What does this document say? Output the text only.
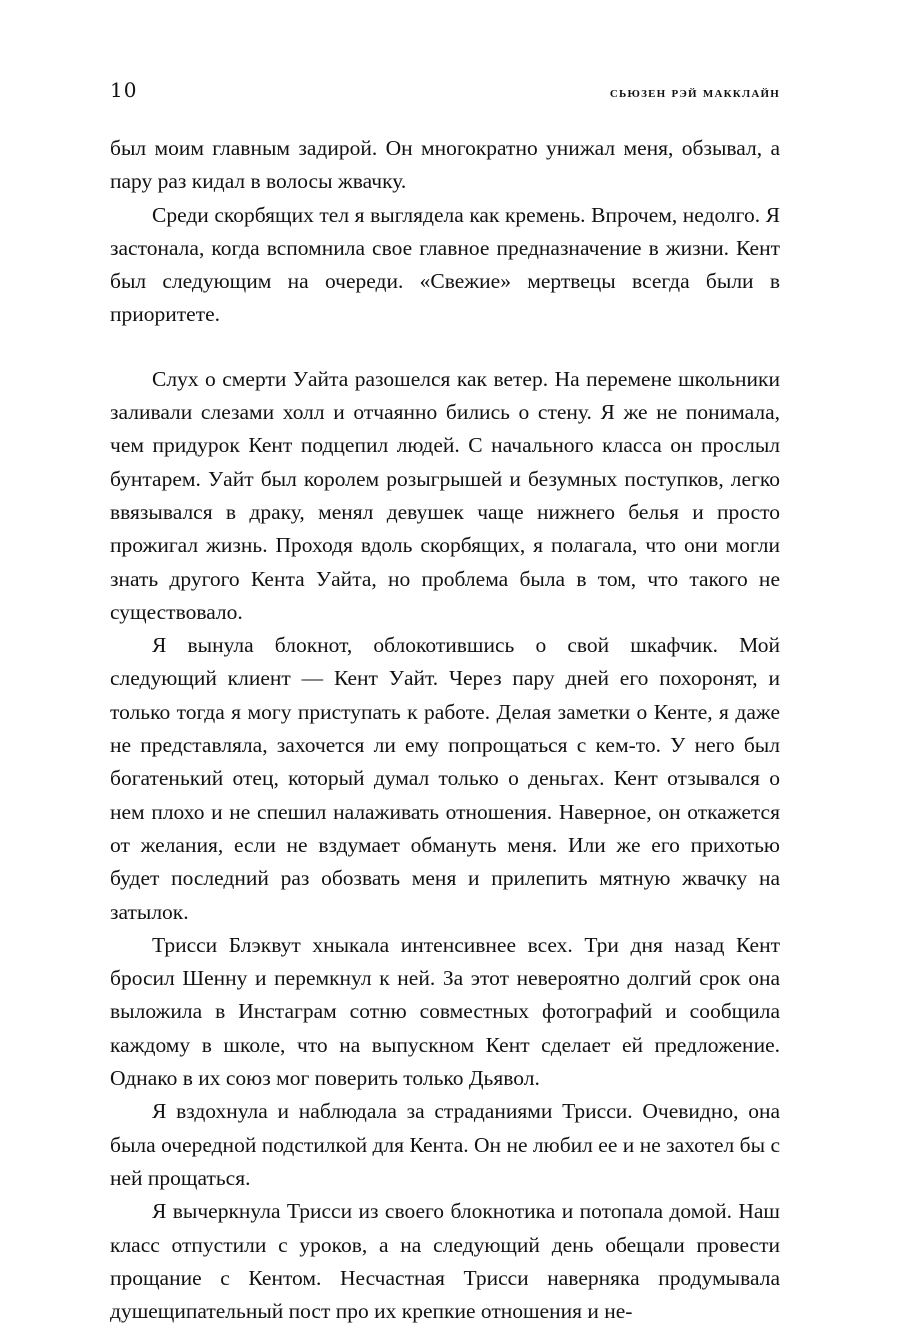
10	сьюзен рэй макклайн

был моим главным задирой. Он многократно унижал меня, обзывал, а пару раз кидал в волосы жвачку.

Среди скорбящих тел я выглядела как кремень. Впрочем, недолго. Я застонала, когда вспомнила свое главное предназначение в жизни. Кент был следующим на очереди. «Свежие» мертвецы всегда были в приоритете.

Слух о смерти Уайта разошелся как ветер. На перемене школьники заливали слезами холл и отчаянно бились о стену. Я же не понимала, чем придурок Кент подцепил людей. С начального класса он прослыл бунтарем. Уайт был королем розыгрышей и безумных поступков, легко ввязывался в драку, менял девушек чаще нижнего белья и просто прожигал жизнь. Проходя вдоль скорбящих, я полагала, что они могли знать другого Кента Уайта, но проблема была в том, что такого не существовало.

Я вынула блокнот, облокотившись о свой шкафчик. Мой следующий клиент — Кент Уайт. Через пару дней его похоронят, и только тогда я могу приступать к работе. Делая заметки о Кенте, я даже не представляла, захочется ли ему попрощаться с кем-то. У него был богатенький отец, который думал только о деньгах. Кент отзывался о нем плохо и не спешил налаживать отношения. Наверное, он откажется от желания, если не вздумает обмануть меня. Или же его прихотью будет последний раз обозвать меня и прилепить мятную жвачку на затылок.

Трисси Блэквут хныкала интенсивнее всех. Три дня назад Кент бросил Шенну и перемкнул к ней. За этот невероятно долгий срок она выложила в Инстаграм сотню совместных фотографий и сообщила каждому в школе, что на выпускном Кент сделает ей предложение. Однако в их союз мог поверить только Дьявол.

Я вздохнула и наблюдала за страданиями Трисси. Очевидно, она была очередной подстилкой для Кента. Он не любил ее и не захотел бы с ней прощаться.

Я вычеркнула Трисси из своего блокнотика и потопала домой. Наш класс отпустили с уроков, а на следующий день обещали провести прощание с Кентом. Несчастная Трисси наверняка продумывала душещипательный пост про их крепкие отношения и не-
